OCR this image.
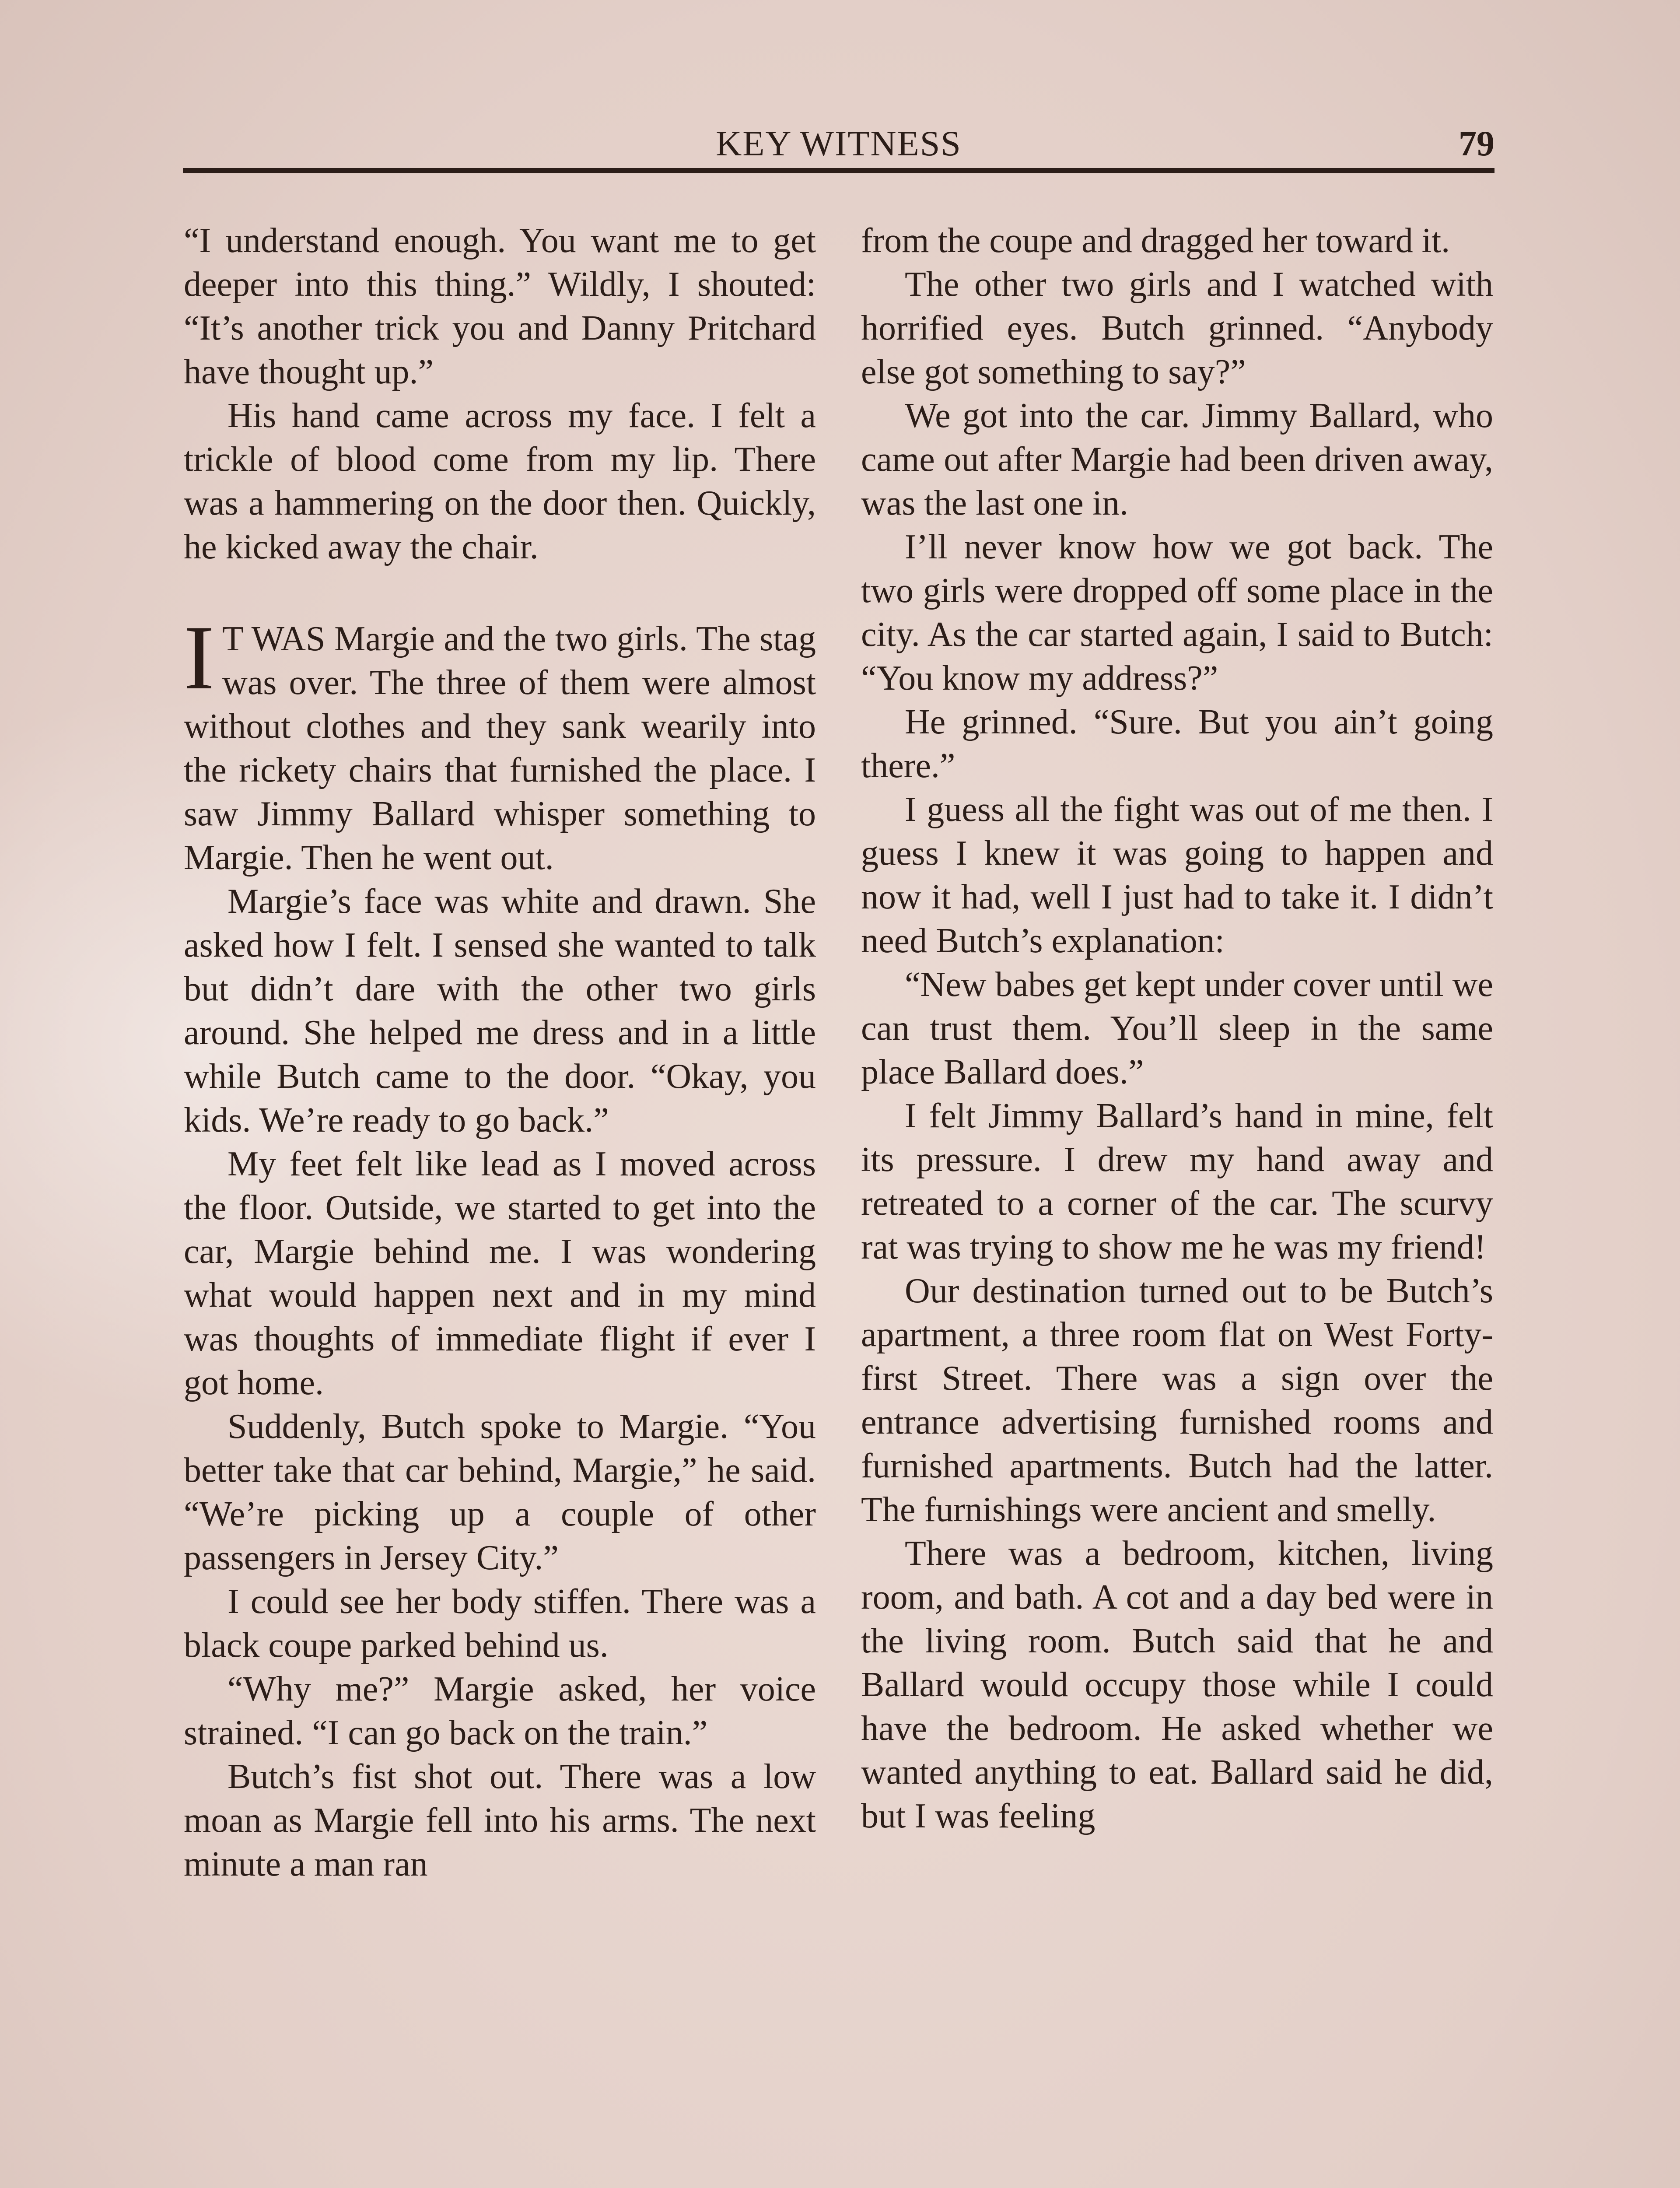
KEY WITNESS	79

“I understand enough. You want me to get deeper into this thing.” Wildly, I shouted: “It’s another trick you and Danny Pritchard have thought up.”

His hand came across my face. I felt a trickle of blood come from my lip. There was a hammering on the door then. Quickly, he kicked away the chair.

I T WAS Margie and the two girls. The stag was over. The three of them were almost without clothes and they sank wearily into the rickety chairs that furnished the place. I saw Jimmy Ballard whisper something to Margie. Then he went out.

Margie’s face was white and drawn. She asked how I felt. I sensed she wanted to talk but didn’t dare with the other two girls around. She helped me dress and in a little while Butch came to the door. “Okay, you kids. We’re ready to go back.”

My feet felt like lead as I moved across the floor. Outside, we started to get into the car, Margie behind me. I was wondering what would happen next and in my mind was thoughts of immediate flight if ever I got home.

Suddenly, Butch spoke to Margie. “You better take that car behind, Margie,” he said. “We’re picking up a couple of other passengers in Jersey City.”

I could see her body stiffen. There was a black coupe parked behind us.

“Why me?” Margie asked, her voice strained. “I can go back on the train.”

Butch’s fist shot out. There was a low moan as Margie fell into his arms. The next minute a man ran

from the coupe and dragged her toward it.

The other two girls and I watched with horrified eyes. Butch grinned. “Anybody else got something to say?”

We got into the car. Jimmy Ballard, who came out after Margie had been driven away, was the last one in.

I’ll never know how we got back. The two girls were dropped off some place in the city. As the car started again, I said to Butch: “You know my address?”

He grinned. “Sure. But you ain’t going there.”

I guess all the fight was out of me then. I guess I knew it was going to happen and now it had, well I just had to take it. I didn’t need Butch’s explanation:

“New babes get kept under cover until we can trust them. You’ll sleep in the same place Ballard does.”

I felt Jimmy Ballard’s hand in mine, felt its pressure. I drew my hand away and retreated to a corner of the car. The scurvy rat was trying to show me he was my friend!

Our destination turned out to be Butch’s apartment, a three room flat on West Forty-first Street. There was a sign over the entrance advertising furnished rooms and furnished apartments. Butch had the latter. The furnishings were ancient and smelly.

There was a bedroom, kitchen, living room, and bath. A cot and a day bed were in the living room. Butch said that he and Ballard would occupy those while I could have the bedroom. He asked whether we wanted anything to eat. Ballard said he did, but I was feeling
